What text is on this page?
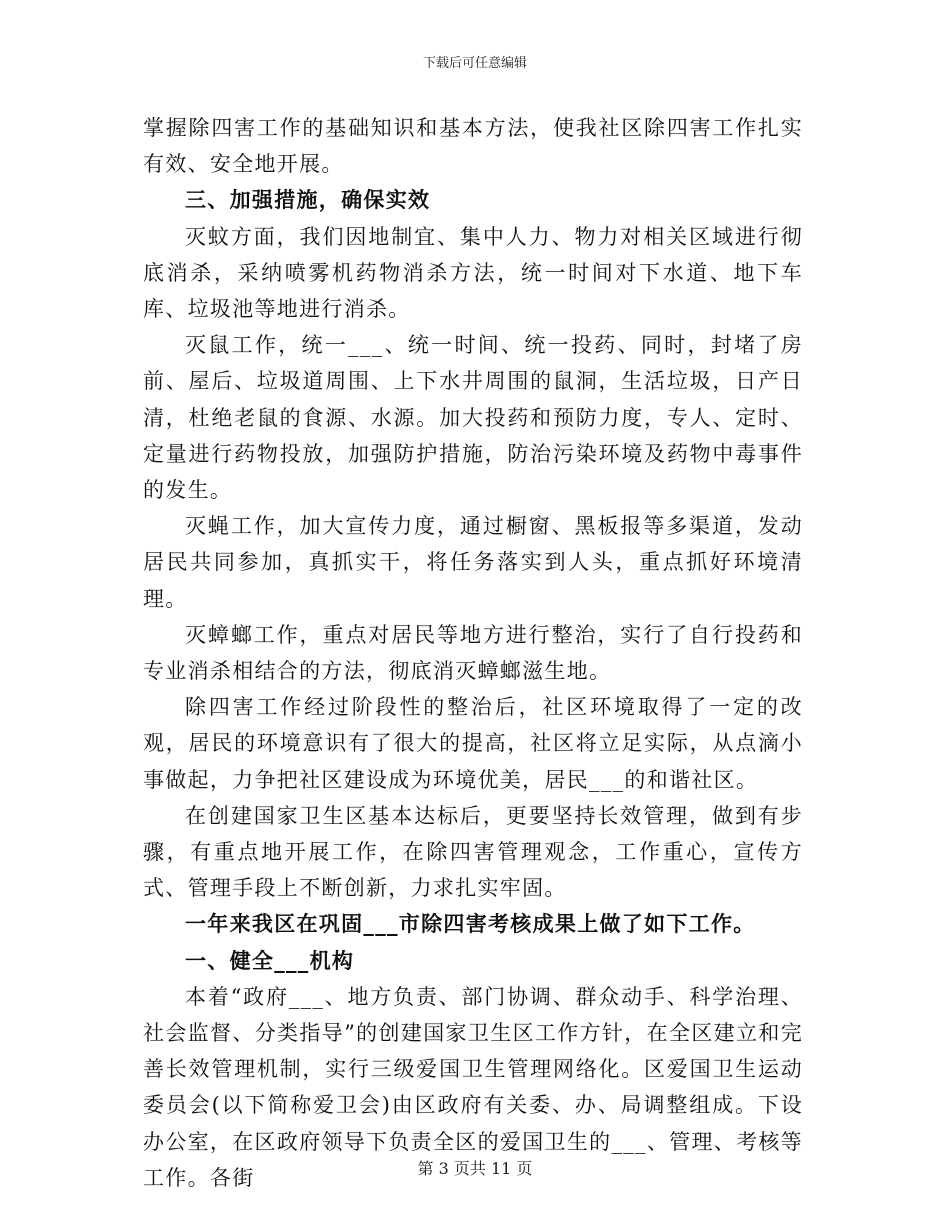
下载后可任意编辑

掌握除四害工作的基础知识和基本方法，使我社区除四害工作扎实有效、安全地开展。

三、加强措施，确保实效

灭蚊方面，我们因地制宜、集中人力、物力对相关区域进行彻底消杀，采纳喷雾机药物消杀方法，统一时间对下水道、地下车库、垃圾池等地进行消杀。

灭鼠工作，统一___、统一时间、统一投药、同时，封堵了房前、屋后、垃圾道周围、上下水井周围的鼠洞，生活垃圾，日产日清，杜绝老鼠的食源、水源。加大投药和预防力度，专人、定时、定量进行药物投放，加强防护措施，防治污染环境及药物中毒事件的发生。

灭蝇工作，加大宣传力度，通过橱窗、黑板报等多渠道，发动居民共同参加，真抓实干，将任务落实到人头，重点抓好环境清理。

灭蟑螂工作，重点对居民等地方进行整治，实行了自行投药和专业消杀相结合的方法，彻底消灭蟑螂滋生地。

除四害工作经过阶段性的整治后，社区环境取得了一定的改观，居民的环境意识有了很大的提高，社区将立足实际，从点滴小事做起，力争把社区建设成为环境优美，居民___的和谐社区。

在创建国家卫生区基本达标后，更要坚持长效管理，做到有步骤，有重点地开展工作，在除四害管理观念，工作重心，宣传方式、管理手段上不断创新，力求扎实牢固。

一年来我区在巩固___市除四害考核成果上做了如下工作。

一、健全___机构

本着“政府___、地方负责、部门协调、群众动手、科学治理、社会监督、分类指导”的创建国家卫生区工作方针，在全区建立和完善长效管理机制，实行三级爱国卫生管理网络化。区爱国卫生运动委员会(以下简称爱卫会)由区政府有关委、办、局调整组成。下设办公室，在区政府领导下负责全区的爱国卫生的___、管理、考核等工作。各街	第 3 页共 11 页
